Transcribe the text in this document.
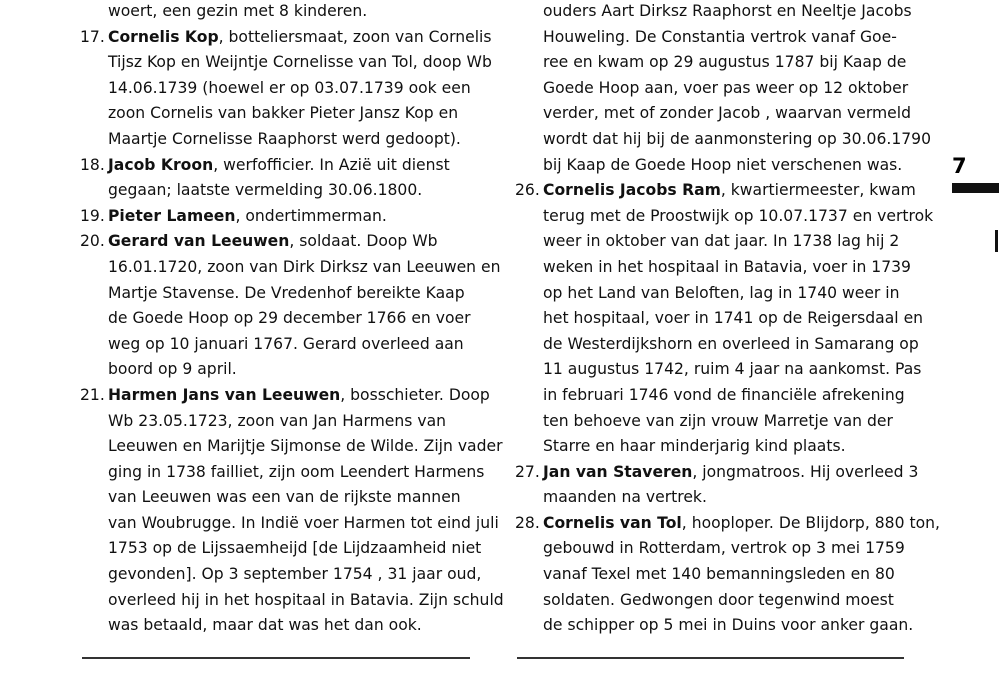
woert, een gezin met 8 kinderen.

17. Cornelis Kop, botteliersmaat, zoon van Cornelis

Tijsz Kop en Weijntje Cornelisse van Tol, doop Wb

14.06.1739 (hoewel er op 03.07.1739 ook een

zoon Cornelis van bakker Pieter Jansz Kop en

Maartje Cornelisse Raaphorst werd gedoopt).

18. Jacob Kroon, werfofficier. In Azië uit dienst

gegaan; laatste vermelding 30.06.1800.

19. Pieter Lameen, ondertimmerman.

20. Gerard van Leeuwen, soldaat. Doop Wb

16.01.1720, zoon van Dirk Dirksz van Leeuwen en

Martje Stavense. De Vredenhof bereikte Kaap

de Goede Hoop op 29 december 1766 en voer

weg op 10 januari 1767. Gerard overleed aan

boord op 9 april.

21. Harmen Jans van Leeuwen, bosschieter. Doop

Wb 23.05.1723, zoon van Jan Harmens van

Leeuwen en Marijtje Sijmonse de Wilde. Zijn vader

ging in 1738 failliet, zijn oom Leendert Harmens

van Leeuwen was een van de rijkste mannen

van Woubrugge. In Indië voer Harmen tot eind juli

1753 op de Lijssaemheijd [de Lijdzaamheid niet

gevonden]. Op 3 september 1754 , 31 jaar oud,

overleed hij in het hospitaal in Batavia. Zijn schuld

was betaald, maar dat was het dan ook.

ouders Aart Dirksz Raaphorst en Neeltje Jacobs

Houweling. De Constantia vertrok vanaf Goe-

ree en kwam op 29 augustus 1787 bij Kaap de

Goede Hoop aan, voer pas weer op 12 oktober

verder, met of zonder Jacob , waarvan vermeld

wordt dat hij bij de aanmonstering op 30.06.1790

bij Kaap de Goede Hoop niet verschenen was.

26. Cornelis Jacobs Ram, kwartiermeester, kwam

terug met de Proostwijk op 10.07.1737 en vertrok

weer in oktober van dat jaar. In 1738 lag hij 2

weken in het hospitaal in Batavia, voer in 1739

op het Land van Beloften, lag in 1740 weer in

het hospitaal, voer in 1741 op de Reigersdaal en

de Westerdijkshorn en overleed in Samarang op

11 augustus 1742, ruim 4 jaar na aankomst. Pas

in februari 1746 vond de financiële afrekening

ten behoeve van zijn vrouw Marretje van der

Starre en haar minderjarig kind plaats.

27. Jan van Staveren, jongmatroos. Hij overleed 3

maanden na vertrek.

28. Cornelis van Tol, hooploper. De Blijdorp, 880 ton,

gebouwd in Rotterdam, vertrok op 3 mei 1759

vanaf Texel met 140 bemanningsleden en 80

soldaten. Gedwongen door tegenwind moest

de schipper op 5 mei in Duins voor anker gaan.

7
